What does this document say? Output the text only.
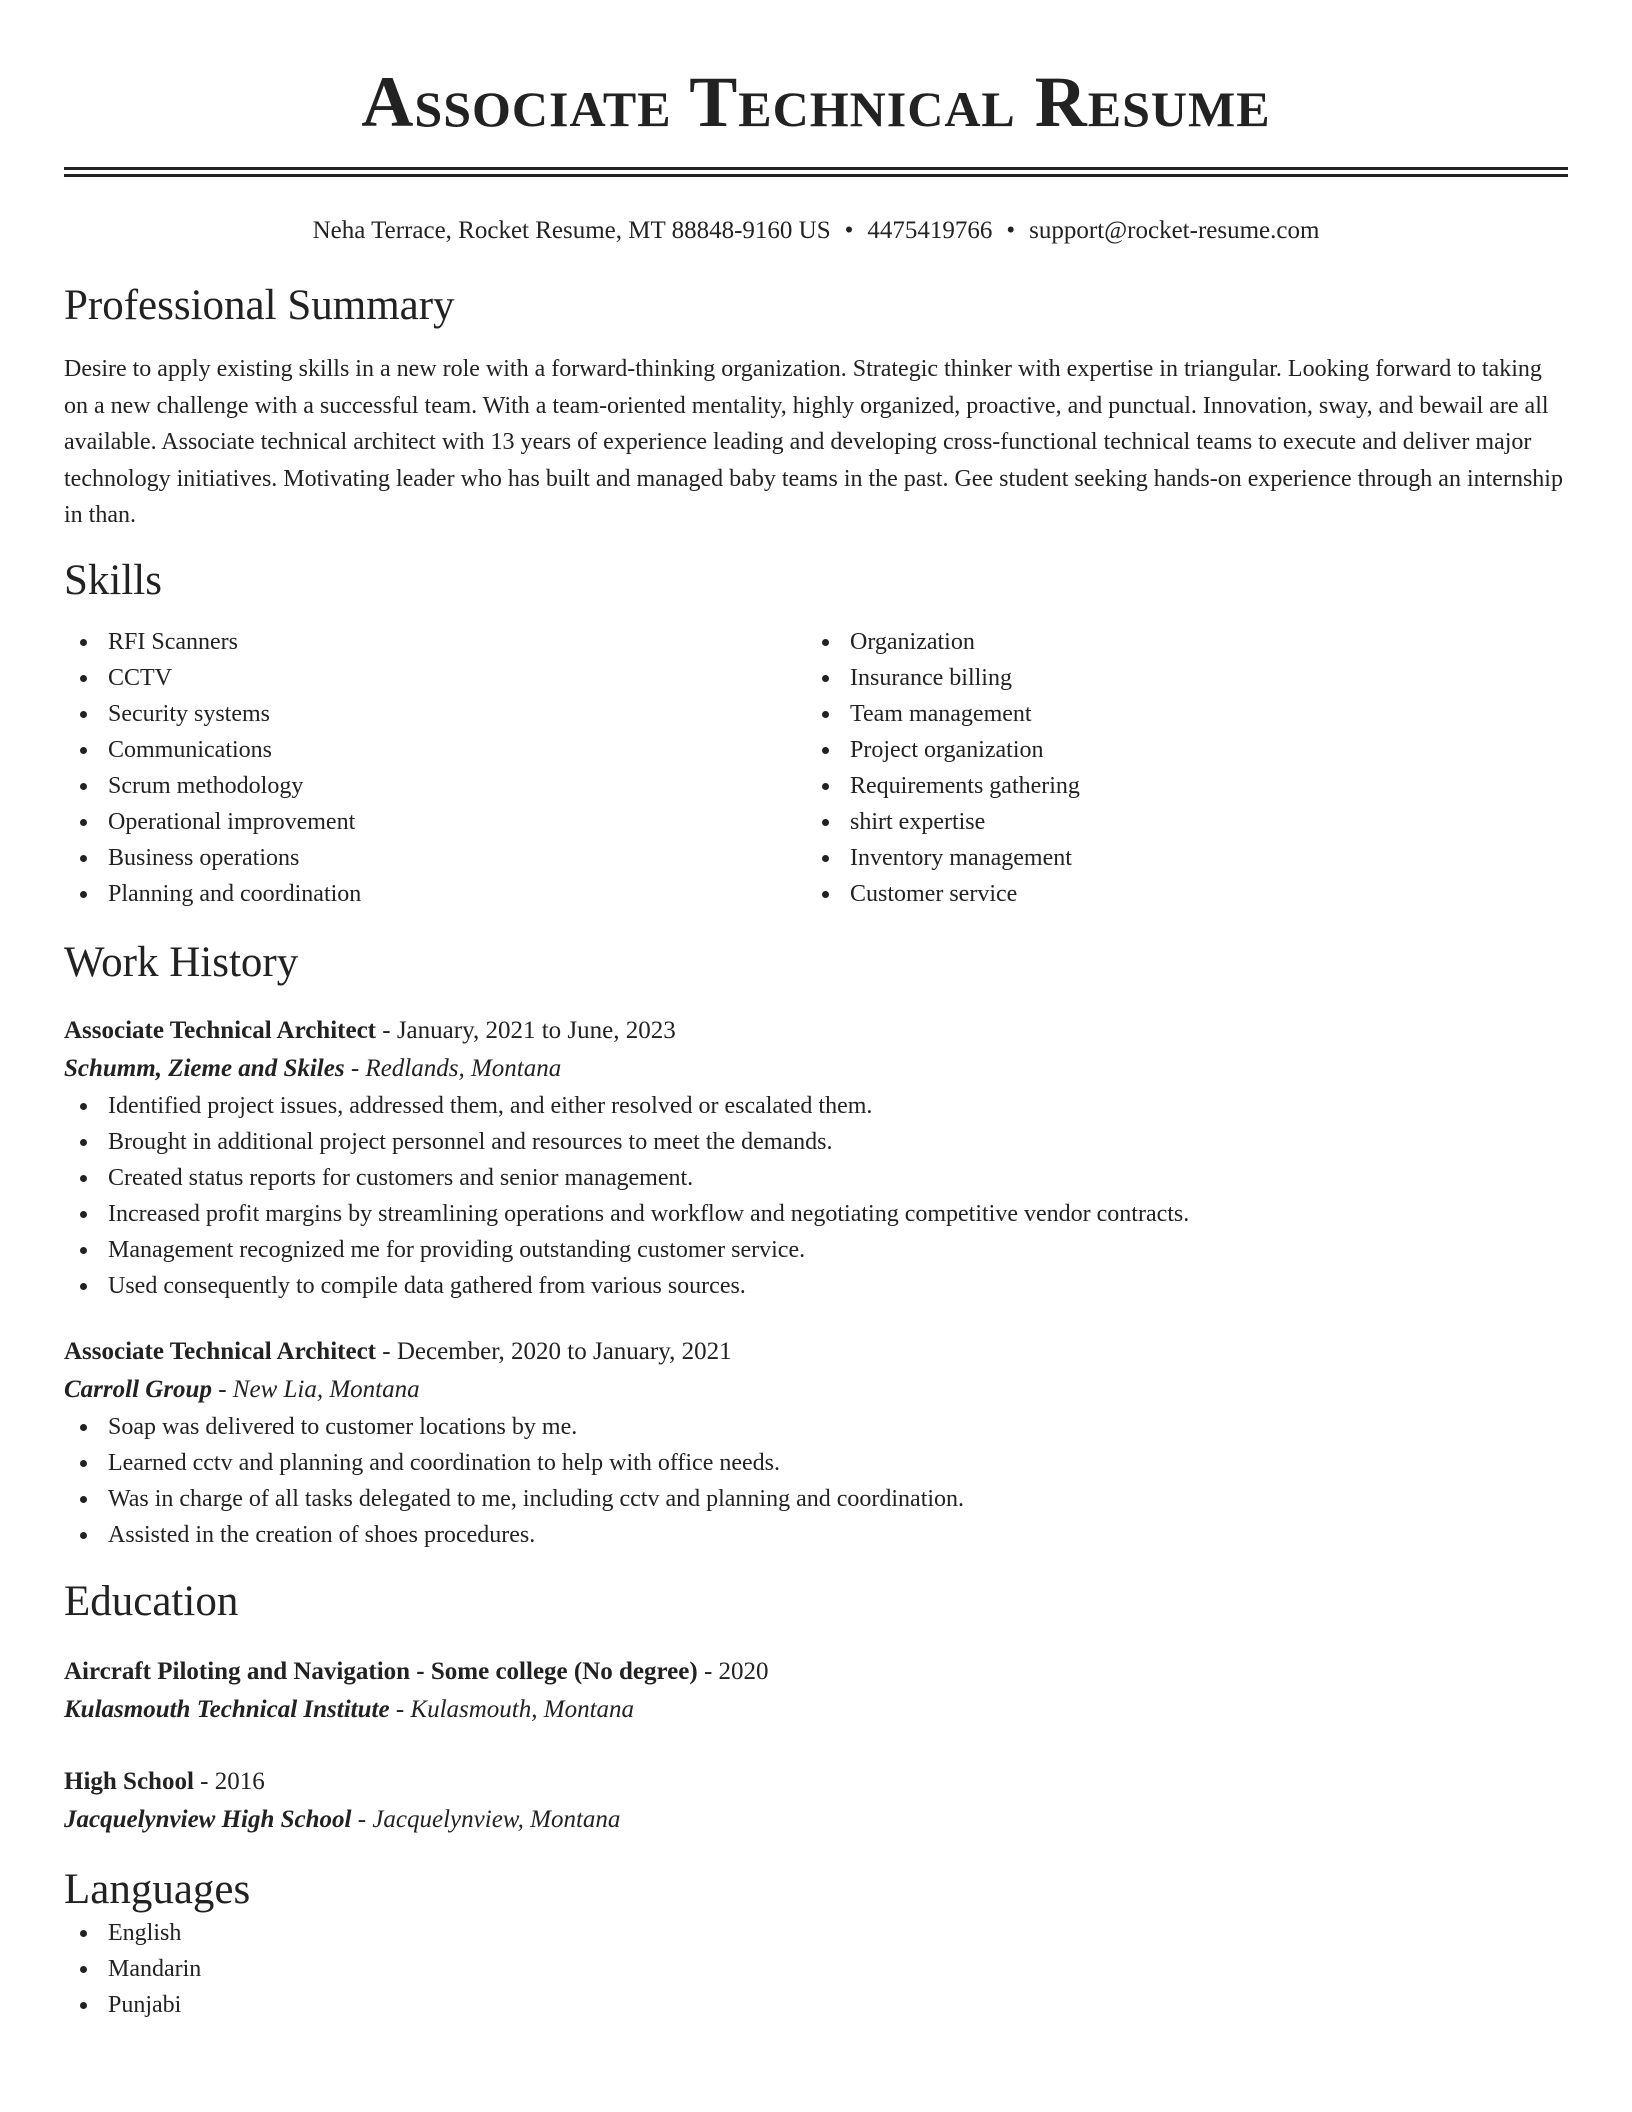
Associate Technical Resume
Neha Terrace, Rocket Resume, MT 88848-9160 US • 4475419766 • support@rocket-resume.com
Professional Summary

Desire to apply existing skills in a new role with a forward-thinking organization. Strategic thinker with expertise in triangular. Looking forward to taking on a new challenge with a successful team. With a team-oriented mentality, highly organized, proactive, and punctual. Innovation, sway, and bewail are all available. Associate technical architect with 13 years of experience leading and developing cross-functional technical teams to execute and deliver major technology initiatives. Motivating leader who has built and managed baby teams in the past. Gee student seeking hands-on experience through an internship in than.

Skills
RFI Scanners
CCTV
Security systems
Communications
Scrum methodology
Operational improvement
Business operations
Planning and coordination
Organization
Insurance billing
Team management
Project organization
Requirements gathering
shirt expertise
Inventory management
Customer service
Work History
Associate Technical Architect - January, 2021 to June, 2023
Schumm, Zieme and Skiles - Redlands, Montana
Identified project issues, addressed them, and either resolved or escalated them.
Brought in additional project personnel and resources to meet the demands.
Created status reports for customers and senior management.
Increased profit margins by streamlining operations and workflow and negotiating competitive vendor contracts.
Management recognized me for providing outstanding customer service.
Used consequently to compile data gathered from various sources.
Associate Technical Architect - December, 2020 to January, 2021
Carroll Group - New Lia, Montana
Soap was delivered to customer locations by me.
Learned cctv and planning and coordination to help with office needs.
Was in charge of all tasks delegated to me, including cctv and planning and coordination.
Assisted in the creation of shoes procedures.
Education
Aircraft Piloting and Navigation - Some college (No degree) - 2020
Kulasmouth Technical Institute - Kulasmouth, Montana
High School - 2016
Jacquelynview High School - Jacquelynview, Montana
Languages
English
Mandarin
Punjabi
